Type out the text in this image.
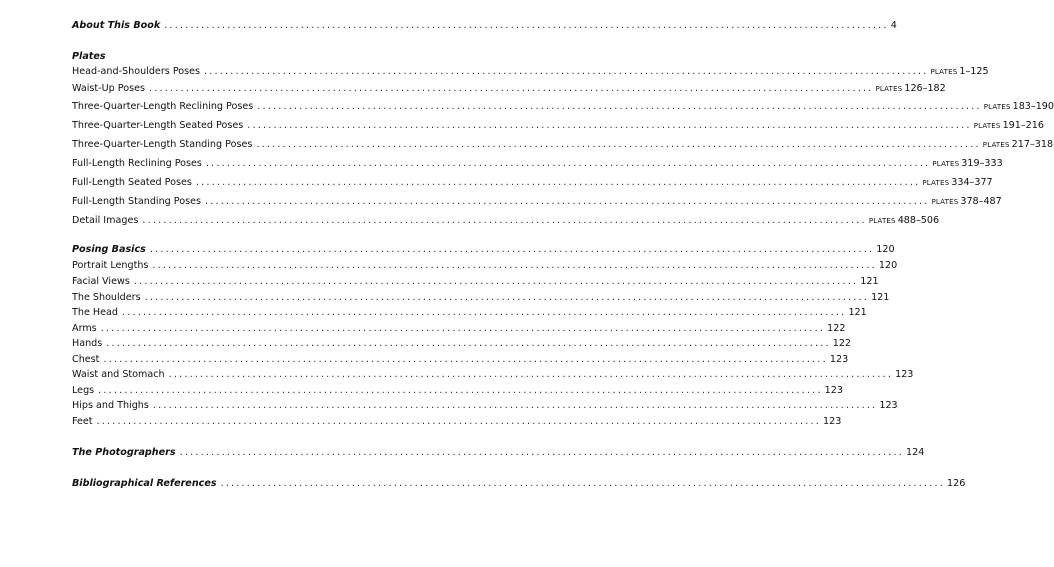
About This Book .......................................................................................................................................... 4
Plates
Head-and-Shoulders Poses .......................................................................................................................................... PLATES 1–125
Waist-Up Poses .......................................................................................................................................... PLATES 126–182
Three-Quarter-Length Reclining Poses .......................................................................................................................................... PLATES 183–190
Three-Quarter-Length Seated Poses .......................................................................................................................................... PLATES 191–216
Three-Quarter-Length Standing Poses .......................................................................................................................................... PLATES 217–318
Full-Length Reclining Poses .......................................................................................................................................... PLATES 319–333
Full-Length Seated Poses .......................................................................................................................................... PLATES 334–377
Full-Length Standing Poses .......................................................................................................................................... PLATES 378–487
Detail Images .......................................................................................................................................... PLATES 488–506
Posing Basics .......................................................................................................................................... 120
Portrait Lengths .......................................................................................................................................... 120
Facial Views .......................................................................................................................................... 121
The Shoulders .......................................................................................................................................... 121
The Head .......................................................................................................................................... 121
Arms .......................................................................................................................................... 122
Hands .......................................................................................................................................... 122
Chest .......................................................................................................................................... 123
Waist and Stomach .......................................................................................................................................... 123
Legs .......................................................................................................................................... 123
Hips and Thighs .......................................................................................................................................... 123
Feet .......................................................................................................................................... 123
The Photographers .......................................................................................................................................... 124
Bibliographical References .......................................................................................................................................... 126
